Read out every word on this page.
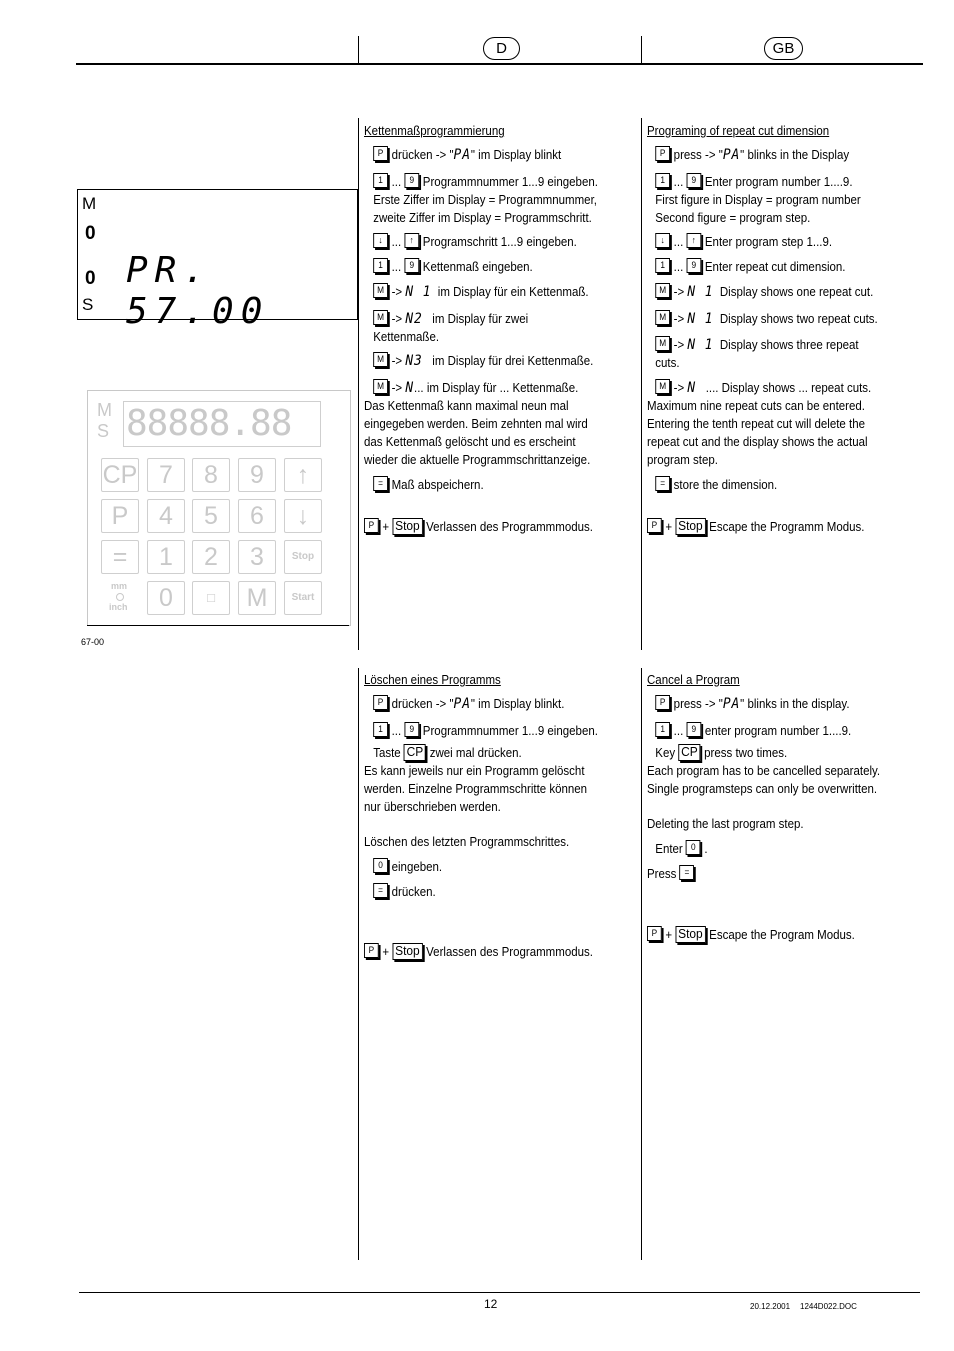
D	GB
M
0
0
S
PR. 57.00
M S 88888.88
CP 7	8	9	↑
P	4	5	6	↓
=	1	2	3	Stop
mm
inch	0	□	M	Start
67-00
Kettenmaßprogrammierung
P drücken -> "PA" im Display blinkt
1 ... 9 Programmnummer 1...9 eingeben.
Erste Ziffer im Display = Programmnummer,
zweite Ziffer im Display = Programmschritt.
↓ ... ↑ Programschritt 1...9 eingeben.
1 ... 9 Kettenmaß eingeben.
M -> N 1 im Display für ein Kettenmaß.
M -> N2 im Display für zwei
Kettenmaße.
M -> N3 im Display für drei Kettenmaße.
M -> N... im Display für ... Kettenmaße.
Das Kettenmaß kann maximal neun mal
eingegeben werden. Beim zehnten mal wird
das Kettenmaß gelöscht und es erscheint
wieder die aktuelle Programmschrittanzeige.
= Maß abspeichern.
P + Stop Verlassen des Programmmodus.
Programing of repeat cut dimension
P press -> "PA" blinks in the Display
1 ... 9 Enter program number 1....9.
First figure in Display = program number
Second figure = program step.
↓ ... ↑ Enter program step 1...9.
1 ... 9 Enter repeat cut dimension.
M -> N 1 Display shows one repeat cut.
M -> N 1 Display shows two repeat cuts.
M -> N 1 Display shows three repeat
cuts.
M -> N .... Display shows ... repeat cuts.
Maximum nine repeat cuts can be entered.
Entering the tenth repeat cut will delete the
repeat cut and the display shows the actual
program step.
= store the dimension.
P + Stop Escape the Programm Modus.
Löschen eines Programms
P drücken -> "PA" im Display blinkt.
1 ... 9 Programmnummer 1...9 eingeben.
Taste CP zwei mal drücken.
Es kann jeweils nur ein Programm gelöscht
werden. Einzelne Programmschritte können
nur überschrieben werden.
Löschen des letzten Programmschrittes.
0 eingeben.
= drücken.
P + Stop Verlassen des Programmmodus.
Cancel a Program
P press -> "PA" blinks in the display.
1 ... 9 enter program number 1....9.
Key CP press two times.
Each program has to be cancelled separately.
Single programsteps can only be overwritten.
Deleting the last program step.
Enter 0 .
Press =
P + Stop Escape the Program Modus.
12	20.12.2001 1244D022.DOC
